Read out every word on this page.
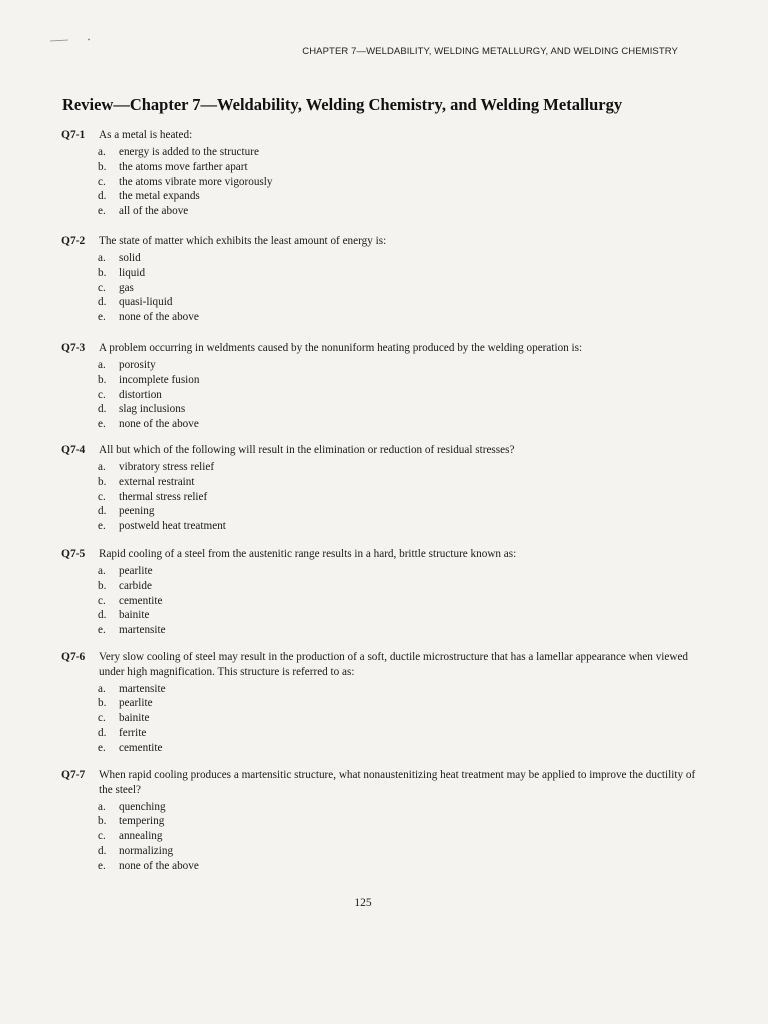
CHAPTER 7—WELDABILITY, WELDING METALLURGY, AND WELDING CHEMISTRY
Review—Chapter 7—Weldability, Welding Chemistry, and Welding Metallurgy
Q7-1 As a metal is heated:
a.	energy is added to the structure
b.	the atoms move farther apart
c.	the atoms vibrate more vigorously
d.	the metal expands
e.	all of the above
Q7-2 The state of matter which exhibits the least amount of energy is:
a.	solid
b.	liquid
c.	gas
d.	quasi-liquid
e.	none of the above
Q7-3 A problem occurring in weldments caused by the nonuniform heating produced by the welding operation is:
a.	porosity
b.	incomplete fusion
c.	distortion
d.	slag inclusions
e.	none of the above
Q7-4 All but which of the following will result in the elimination or reduction of residual stresses?
a.	vibratory stress relief
b.	external restraint
c.	thermal stress relief
d.	peening
e.	postweld heat treatment
Q7-5 Rapid cooling of a steel from the austenitic range results in a hard, brittle structure known as:
a.	pearlite
b.	carbide
c.	cementite
d.	bainite
e.	martensite
Q7-6 Very slow cooling of steel may result in the production of a soft, ductile microstructure that has a lamellar appearance when viewed under high magnification. This structure is referred to as:
a.	martensite
b.	pearlite
c.	bainite
d.	ferrite
e.	cementite
Q7-7 When rapid cooling produces a martensitic structure, what nonaustenitizing heat treatment may be applied to improve the ductility of the steel?
a.	quenching
b.	tempering
c.	annealing
d.	normalizing
e.	none of the above
125
